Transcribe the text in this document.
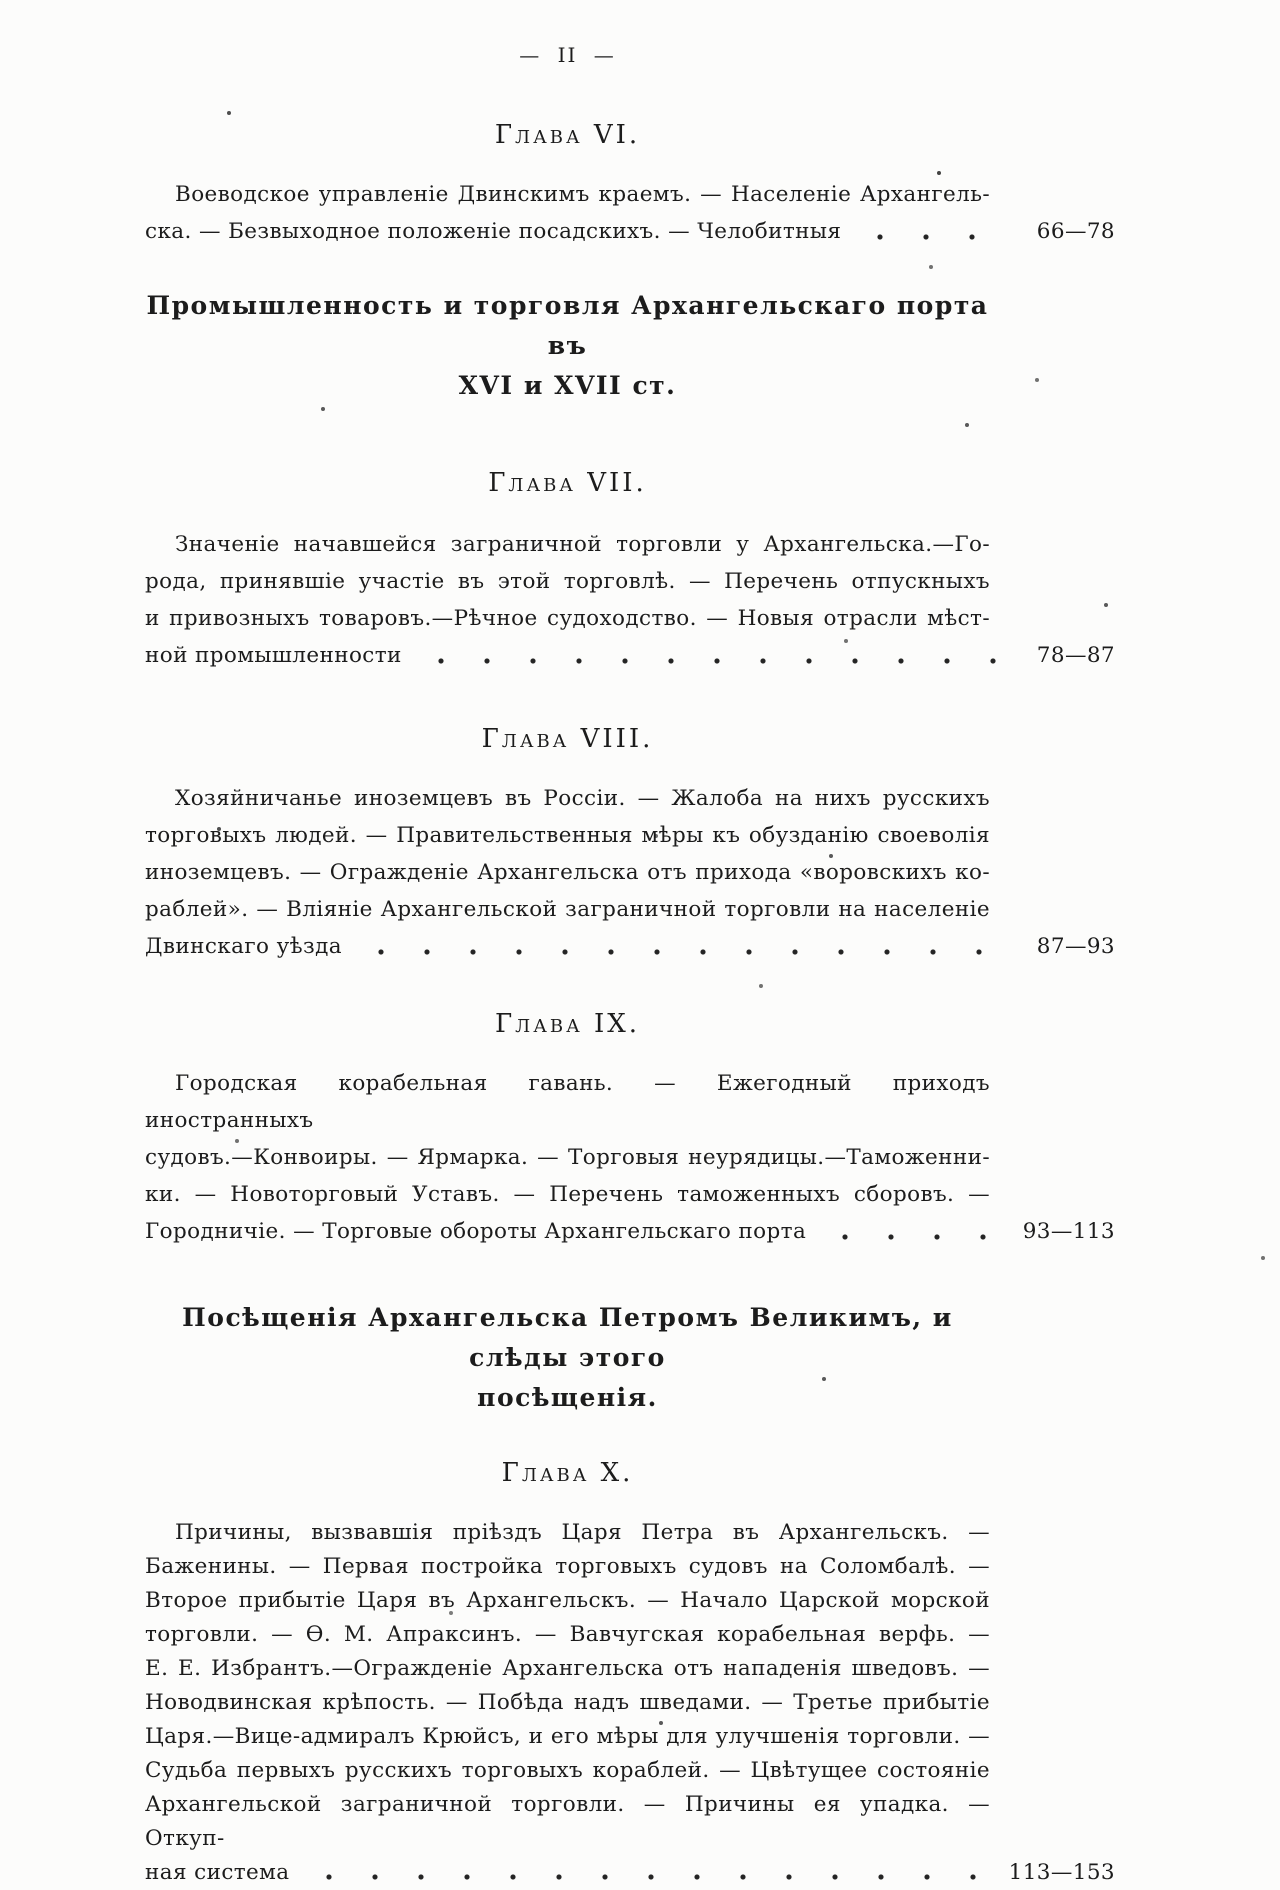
— II —
Глава VI.
Воеводское управленіе Двинскимъ краемъ. — Населеніе Архангель-
ска. — Безвыходное положеніе посадскихъ. — Челобитныя	66—78
Промышленность и торговля Архангельскаго порта въ
XVI и XVII ст.
Глава VII.
Значеніе начавшейся заграничной торговли у Архангельска.—Го-
рода, принявшіе участіе въ этой торговлѣ. — Перечень отпускныхъ
и привозныхъ товаровъ.—Рѣчное судоходство. — Новыя отрасли мѣст-
ной промышленности	78—87
Глава VIII.
Хозяйничанье иноземцевъ въ Россіи. — Жалоба на нихъ русскихъ
торговыхъ людей. — Правительственныя мѣры къ обузданію своеволія
иноземцевъ. — Огражденіе Архангельска отъ прихода «воровскихъ ко-
раблей». — Вліяніе Архангельской заграничной торговли на населеніе
Двинскаго уѣзда	87—93
Глава IX.
Городская корабельная гавань. — Ежегодный приходъ иностранныхъ
судовъ.—Конвоиры. — Ярмарка. — Торговыя неурядицы.—Таможенни-
ки. — Новоторговый Уставъ. — Перечень таможенныхъ сборовъ. —
Городничіе. — Торговые обороты Архангельскаго порта	93—113
Посѣщенія Архангельска Петромъ Великимъ, и слѣды этого
посѣщенія.
Глава X.
Причины, вызвавшія пріѣздъ Царя Петра въ Архангельскъ. —
Баженины. — Первая постройка торговыхъ судовъ на Соломбалѣ. —
Второе прибытіе Царя въ Архангельскъ. — Начало Царской морской
торговли. — Ѳ. М. Апраксинъ. — Вавчугская корабельная верфь. —
Е. Е. Избрантъ.—Огражденіе Архангельска отъ нападенія шведовъ. —
Новодвинская крѣпость. — Побѣда надъ шведами. — Третье прибытіе
Царя.—Вице-адмиралъ Крюйсъ, и его мѣры для улучшенія торговли. —
Судьба первыхъ русскихъ торговыхъ кораблей. — Цвѣтущее состояніе
Архангельской заграничной торговли. — Причины ея упадка. — Откуп-
ная система	113—153
